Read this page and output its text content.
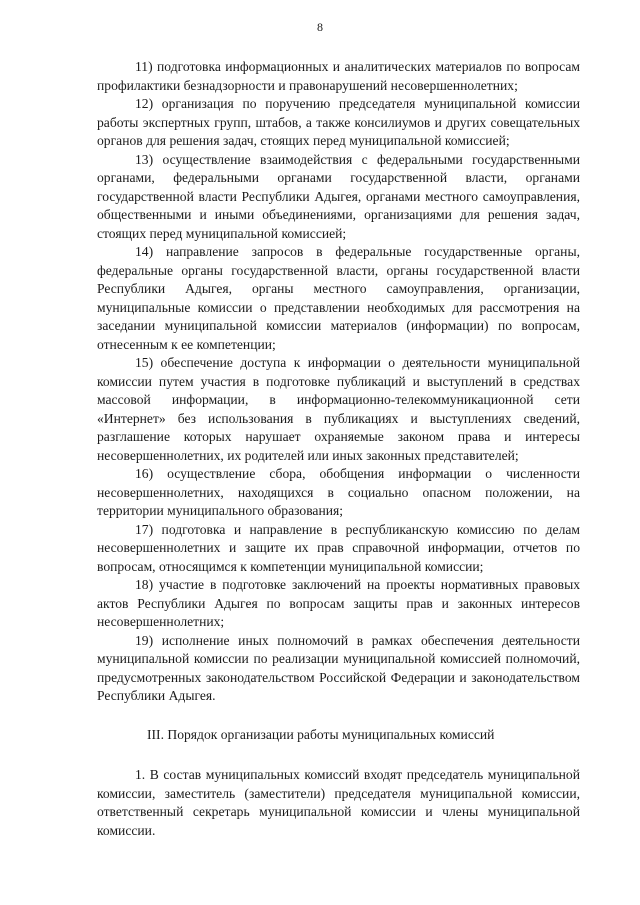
8

11) подготовка информационных и аналитических материалов по вопросам профилактики безнадзорности и правонарушений несовершеннолетних;

12) организация по поручению председателя муниципальной комиссии работы экспертных групп, штабов, а также консилиумов и других совещательных органов для решения задач, стоящих перед муниципальной комиссией;

13) осуществление взаимодействия с федеральными государственными органами, федеральными органами государственной власти, органами государственной власти Республики Адыгея, органами местного самоуправления, общественными и иными объединениями, организациями для решения задач, стоящих перед муниципальной комиссией;

14) направление запросов в федеральные государственные органы, федеральные органы государственной власти, органы государственной власти Республики Адыгея, органы местного самоуправления, организации, муниципальные комиссии о представлении необходимых для рассмотрения на заседании муниципальной комиссии материалов (информации) по вопросам, отнесенным к ее компетенции;

15) обеспечение доступа к информации о деятельности муниципальной комиссии путем участия в подготовке публикаций и выступлений в средствах массовой информации, в информационно-телекоммуникационной сети «Интернет» без использования в публикациях и выступлениях сведений, разглашение которых нарушает охраняемые законом права и интересы несовершеннолетних, их родителей или иных законных представителей;

16) осуществление сбора, обобщения информации о численности несовершеннолетних, находящихся в социально опасном положении, на территории муниципального образования;

17) подготовка и направление в республиканскую комиссию по делам несовершеннолетних и защите их прав справочной информации, отчетов по вопросам, относящимся к компетенции муниципальной комиссии;

18) участие в подготовке заключений на проекты нормативных правовых актов Республики Адыгея по вопросам защиты прав и законных интересов несовершеннолетних;

19) исполнение иных полномочий в рамках обеспечения деятельности муниципальной комиссии по реализации муниципальной комиссией полномочий, предусмотренных законодательством Российской Федерации и законодательством Республики Адыгея.

III. Порядок организации работы муниципальных комиссий

1. В состав муниципальных комиссий входят председатель муниципальной комиссии, заместитель (заместители) председателя муниципальной комиссии, ответственный секретарь муниципальной комиссии и члены муниципальной комиссии.
